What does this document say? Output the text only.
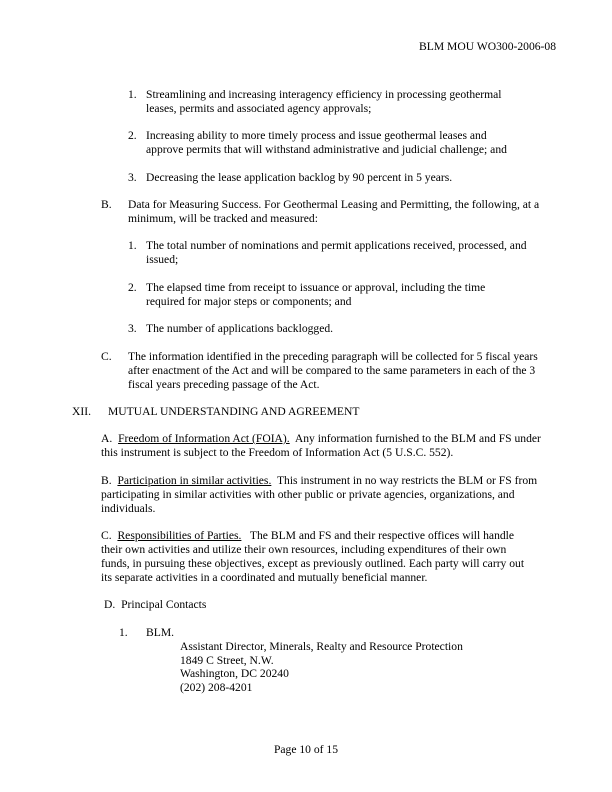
BLM MOU WO300-2006-08
1. Streamlining and increasing interagency efficiency in processing geothermal leases, permits and associated agency approvals;
2. Increasing ability to more timely process and issue geothermal leases and approve permits that will withstand administrative and judicial challenge; and
3. Decreasing the lease application backlog by 90 percent in 5 years.
B. Data for Measuring Success. For Geothermal Leasing and Permitting, the following, at a minimum, will be tracked and measured:
1. The total number of nominations and permit applications received, processed, and issued;
2. The elapsed time from receipt to issuance or approval, including the time required for major steps or components; and
3. The number of applications backlogged.
C. The information identified in the preceding paragraph will be collected for 5 fiscal years after enactment of the Act and will be compared to the same parameters in each of the 3 fiscal years preceding passage of the Act.
XII. MUTUAL UNDERSTANDING AND AGREEMENT
A. Freedom of Information Act (FOIA). Any information furnished to the BLM and FS under this instrument is subject to the Freedom of Information Act (5 U.S.C. 552).
B. Participation in similar activities. This instrument in no way restricts the BLM or FS from participating in similar activities with other public or private agencies, organizations, and individuals.
C. Responsibilities of Parties. The BLM and FS and their respective offices will handle their own activities and utilize their own resources, including expenditures of their own funds, in pursuing these objectives, except as previously outlined. Each party will carry out its separate activities in a coordinated and mutually beneficial manner.
D. Principal Contacts
1. BLM.
Assistant Director, Minerals, Realty and Resource Protection
1849 C Street, N.W.
Washington, DC 20240
(202) 208-4201
Page 10 of 15
